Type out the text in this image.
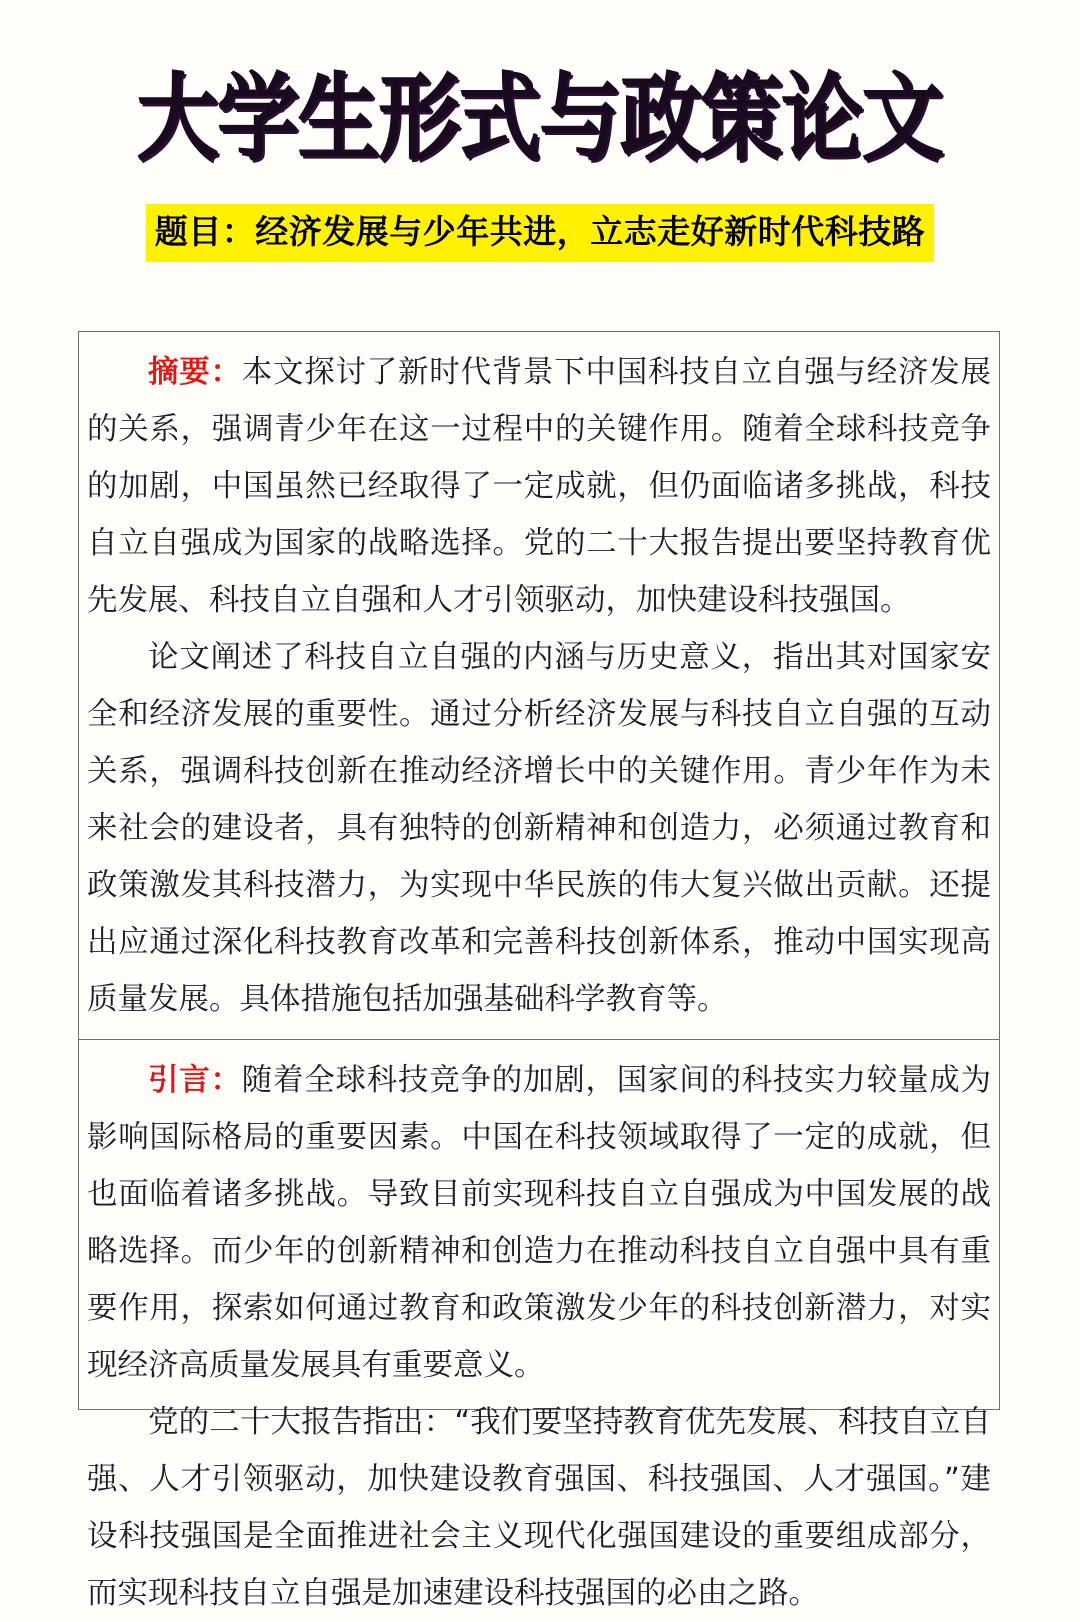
大学生形式与政策论文
题目：经济发展与少年共进，立志走好新时代科技路

摘要：本文探讨了新时代背景下中国科技自立自强与经济发展的关系，强调青少年在这一过程中的关键作用。随着全球科技竞争的加剧，中国虽然已经取得了一定成就，但仍面临诸多挑战，科技自立自强成为国家的战略选择。党的二十大报告提出要坚持教育优先发展、科技自立自强和人才引领驱动，加快建设科技强国。

论文阐述了科技自立自强的内涵与历史意义，指出其对国家安全和经济发展的重要性。通过分析经济发展与科技自立自强的互动关系，强调科技创新在推动经济增长中的关键作用。青少年作为未来社会的建设者，具有独特的创新精神和创造力，必须通过教育和政策激发其科技潜力，为实现中华民族的伟大复兴做出贡献。还提出应通过深化科技教育改革和完善科技创新体系，推动中国实现高质量发展。具体措施包括加强基础科学教育等。

引言：随着全球科技竞争的加剧，国家间的科技实力较量成为影响国际格局的重要因素。中国在科技领域取得了一定的成就，但也面临着诸多挑战。导致目前实现科技自立自强成为中国发展的战略选择。而少年的创新精神和创造力在推动科技自立自强中具有重要作用，探索如何通过教育和政策激发少年的科技创新潜力，对实现经济高质量发展具有重要意义。

党的二十大报告指出：“我们要坚持教育优先发展、科技自立自强、人才引领驱动，加快建设教育强国、科技强国、人才强国。”建设科技强国是全面推进社会主义现代化强国建设的重要组成部分，而实现科技自立自强是加速建设科技强国的必由之路。
